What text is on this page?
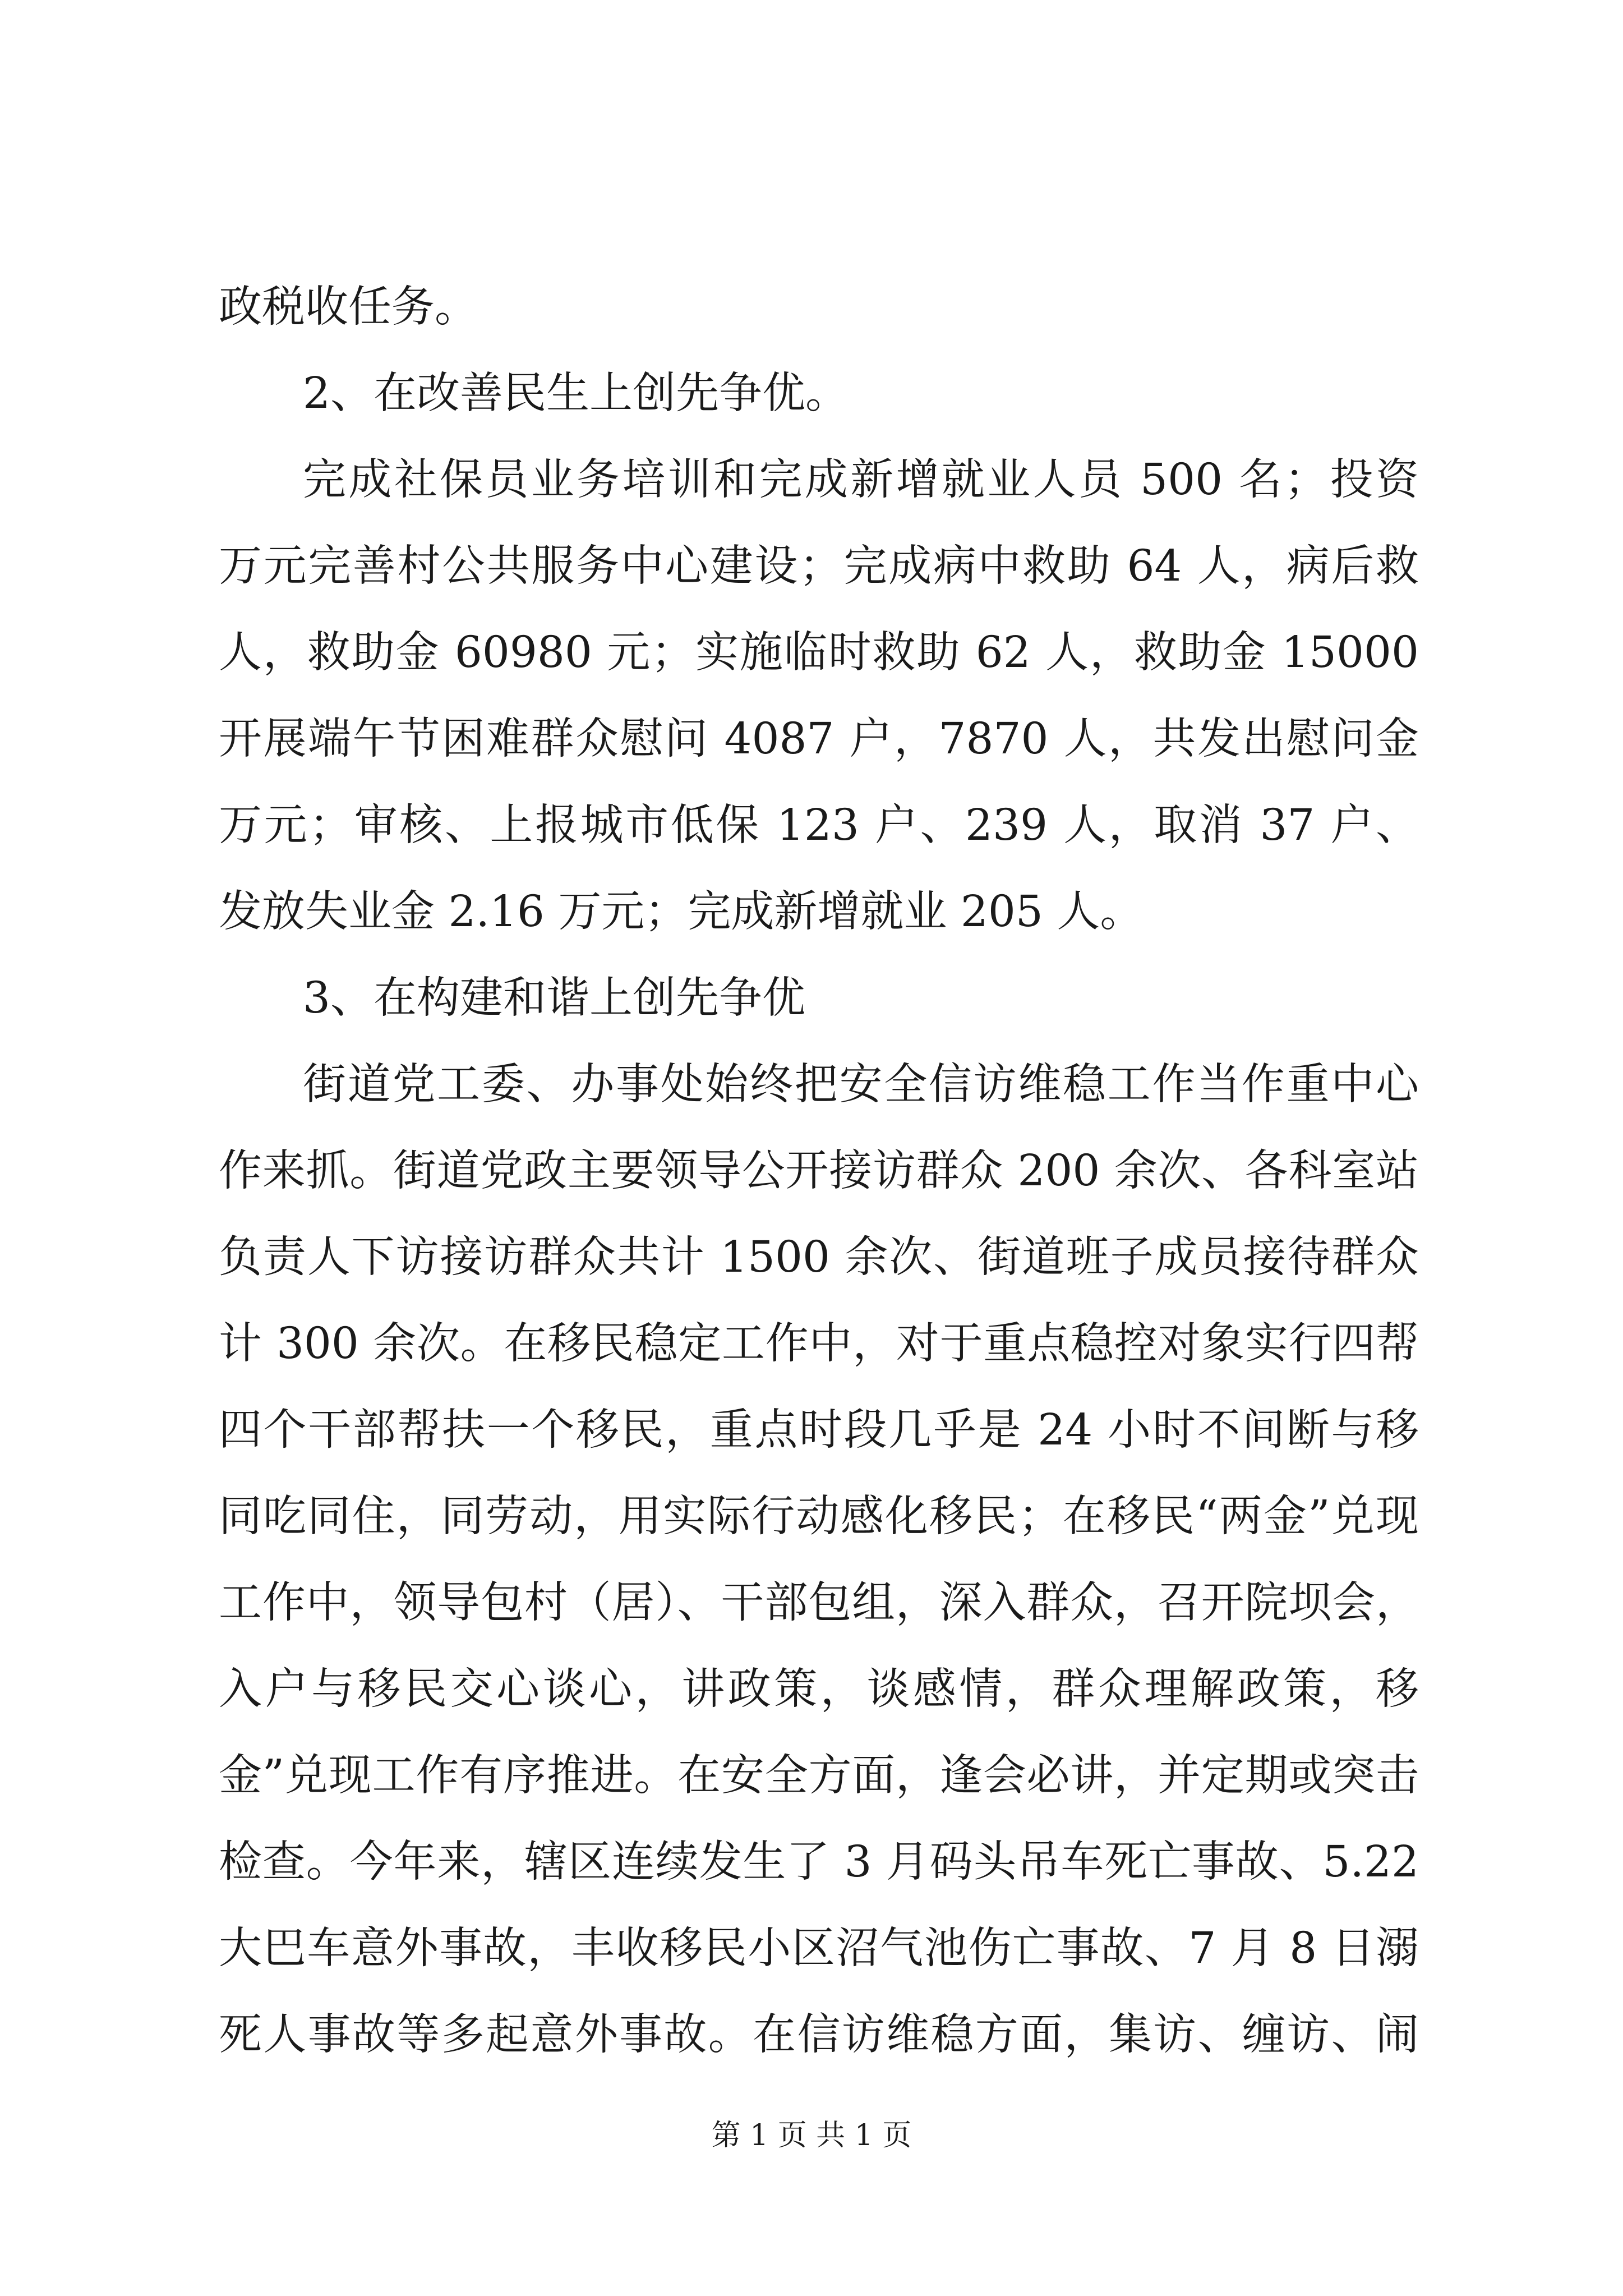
政税收任务。
2、在改善民生上创先争优。
完成社保员业务培训和完成新增就业人员 500 名；投资
万元完善村公共服务中心建设；完成病中救助 64 人，病后救
人，救助金 60980 元；实施临时救助 62 人，救助金 15000
开展端午节困难群众慰问 4087 户，7870 人，共发出慰问金
万元；审核、上报城市低保 123 户、239 人，取消 37 户、
发放失业金 2.16 万元；完成新增就业 205 人。
3、在构建和谐上创先争优
街道党工委、办事处始终把安全信访维稳工作当作重中心
作来抓。街道党政主要领导公开接访群众 200 余次、各科室站
负责人下访接访群众共计 1500 余次、街道班子成员接待群众
计 300 余次。在移民稳定工作中，对于重点稳控对象实行四帮
四个干部帮扶一个移民，重点时段几乎是 24 小时不间断与移
同吃同住，同劳动，用实际行动感化移民；在移民“两金”兑现
工作中，领导包村（居）、干部包组，深入群众，召开院坝会，
入户与移民交心谈心，讲政策，谈感情，群众理解政策，移
金”兑现工作有序推进。在安全方面，逢会必讲，并定期或突击
检查。今年来，辖区连续发生了 3 月码头吊车死亡事故、5.22
大巴车意外事故，丰收移民小区沼气池伤亡事故、7 月 8 日溺
死人事故等多起意外事故。在信访维稳方面，集访、缠访、闹
第 1 页 共 1 页
